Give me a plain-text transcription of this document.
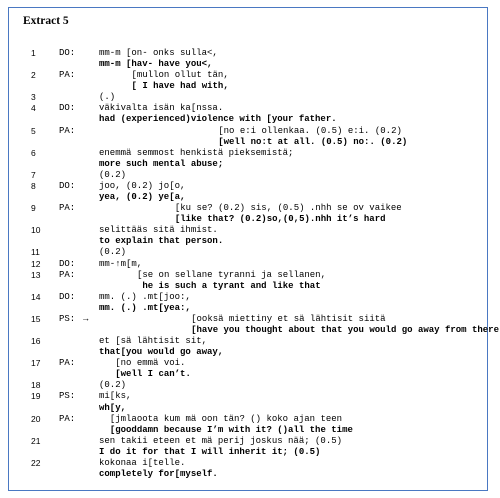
Extract 5
1	DO:	mm-m [on- onks sulla<,
mm-m [hav- have you<,
2	PA:	[mullon ollut tän,
[ I have had with,
3	(.)
4	DO:	väkivalta isän ka[nssa.
had (experienced)violence with [your father.
5	PA:	[no e:i ollenkaa. (0.5) e:i. (0.2)
[well no:t at all. (0.5) no:. (0.2)
6	enemmä semmost henkistä pieksemistä;
more such mental abuse;
7	(0.2)
8	DO:	joo, (0.2) jo[o,
yea, (0.2) ye[a,
9	PA:	[ku se? (0.2) sis, (0.5) .nhh se ov vaikee
[like that? (0.2)so,(0,5).nhh it’s hard
10	selittääs sitä ihmist.
to explain that person.
11	(0.2)
12 DO:	mm-↑m[m,
13 PA:	[se on sellane tyranni ja sellanen,
he is such a tyrant and like that
14 DO:	mm. (.) .mt[joo:,
mm. (.) .mt[yea:,
15 PS: →	[ooksä miettiny et sä lähtisit siitä
[have you thought about that you would go away from there
16	et [sä lähtisit sit,
that[you would go away,
17 PA:	[no emmä voi.
[well I can’t.
18	(0.2)
19 PS:	mi[ks,
wh[y,
20 PA:	[jmlaoota kum mä oon tän? () koko ajan teen
[gooddamn because I’m with it? ()all the time
21	sen takii eteen et mä perij joskus nää; (0.5)
I do it for that I will inherit it; (0.5)
22	kokonaa i[telle.
completely for[myself.
